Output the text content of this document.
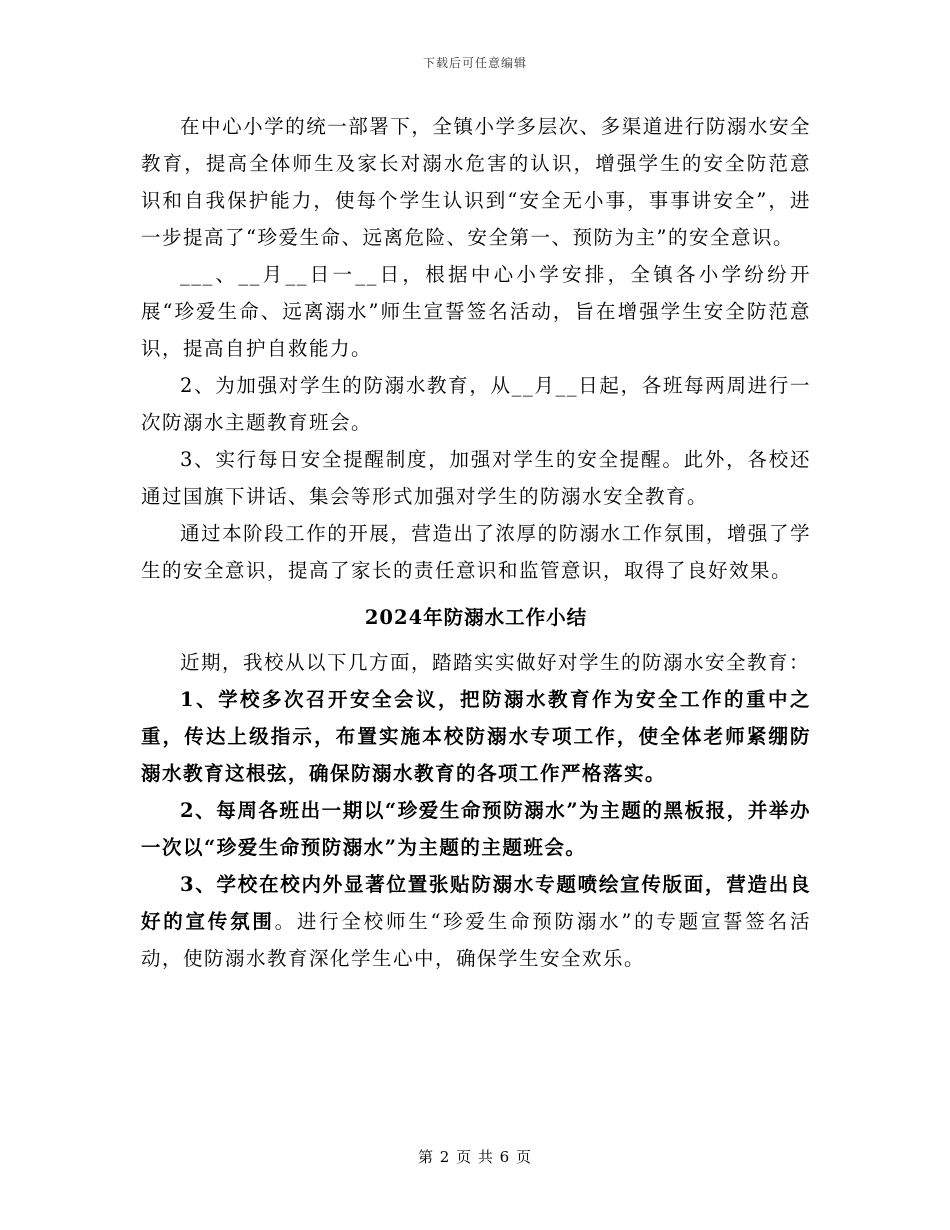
下载后可任意编辑

在中心小学的统一部署下，全镇小学多层次、多渠道进行防溺水安全教育，提高全体师生及家长对溺水危害的认识，增强学生的安全防范意识和自我保护能力，使每个学生认识到“安全无小事，事事讲安全”，进一步提高了“珍爱生命、远离危险、安全第一、预防为主”的安全意识。

___、__月__日一__日，根据中心小学安排，全镇各小学纷纷开展“珍爱生命、远离溺水”师生宣誓签名活动，旨在增强学生安全防范意识，提高自护自救能力。

2、为加强对学生的防溺水教育，从__月__日起，各班每两周进行一次防溺水主题教育班会。

3、实行每日安全提醒制度，加强对学生的安全提醒。此外，各校还通过国旗下讲话、集会等形式加强对学生的防溺水安全教育。

通过本阶段工作的开展，营造出了浓厚的防溺水工作氛围，增强了学生的安全意识，提高了家长的责任意识和监管意识，取得了良好效果。

2024年防溺水工作小结

近期，我校从以下几方面，踏踏实实做好对学生的防溺水安全教育：

1、学校多次召开安全会议，把防溺水教育作为安全工作的重中之重，传达上级指示，布置实施本校防溺水专项工作，使全体老师紧绷防溺水教育这根弦，确保防溺水教育的各项工作严格落实。

2、每周各班出一期以“珍爱生命预防溺水”为主题的黑板报，并举办一次以“珍爱生命预防溺水”为主题的主题班会。

3、学校在校内外显著位置张贴防溺水专题喷绘宣传版面，营造出良好的宣传氛围。进行全校师生“珍爱生命预防溺水”的专题宣誓签名活动，使防溺水教育深化学生心中，确保学生安全欢乐。

第 2 页 共 6 页
